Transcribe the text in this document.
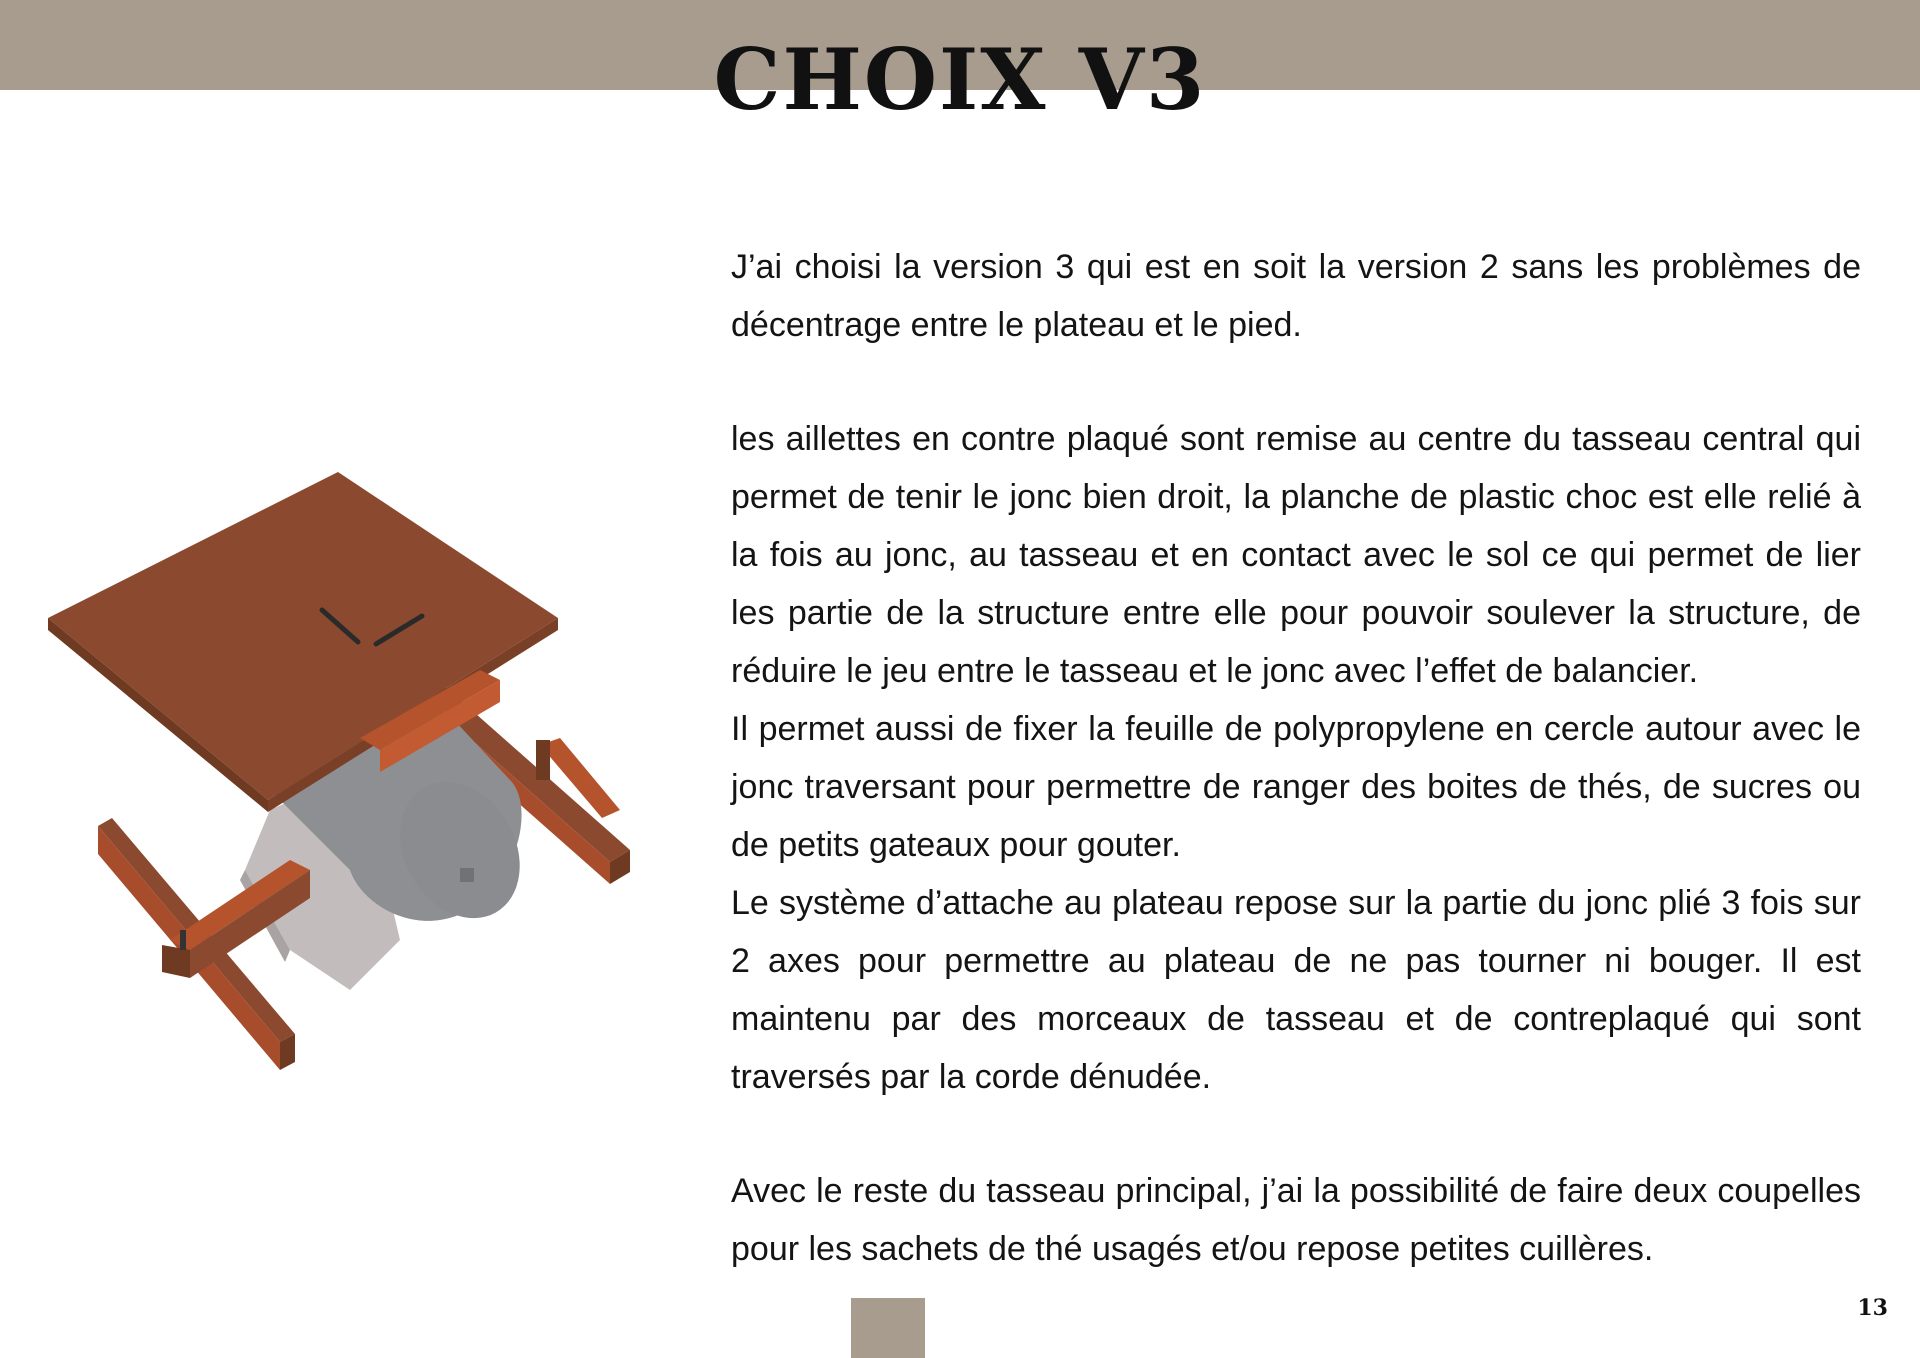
CHOIX V3

J’ai choisi la version 3 qui est en soit la version 2 sans les problèmes de décentrage entre le plateau et le pied.

les aillettes en contre plaqué sont remise au centre du tasseau central qui permet de tenir le jonc bien droit, la planche de plastic choc est elle relié à la fois au jonc, au tasseau et en contact avec le sol ce qui permet de lier les partie de la structure entre elle pour pouvoir soulever la structure, de réduire le jeu entre le tasseau et le jonc avec l’effet de balancier.

Il permet aussi de fixer la feuille de polypropylene en cercle autour avec le jonc traversant pour permettre de ranger des boites de thés, de sucres ou de petits gateaux pour gouter.

Le système d’attache au plateau repose sur la partie du jonc plié 3 fois sur 2 axes pour permettre au plateau de ne pas tourner ni bouger. Il est maintenu par des morceaux de tasseau et de contreplaqué qui sont traversés par la corde dénudée.

Avec le reste du tasseau principal, j’ai la possibilité de faire deux coupelles pour les sachets de thé usagés et/ou repose petites cuillères.

13
